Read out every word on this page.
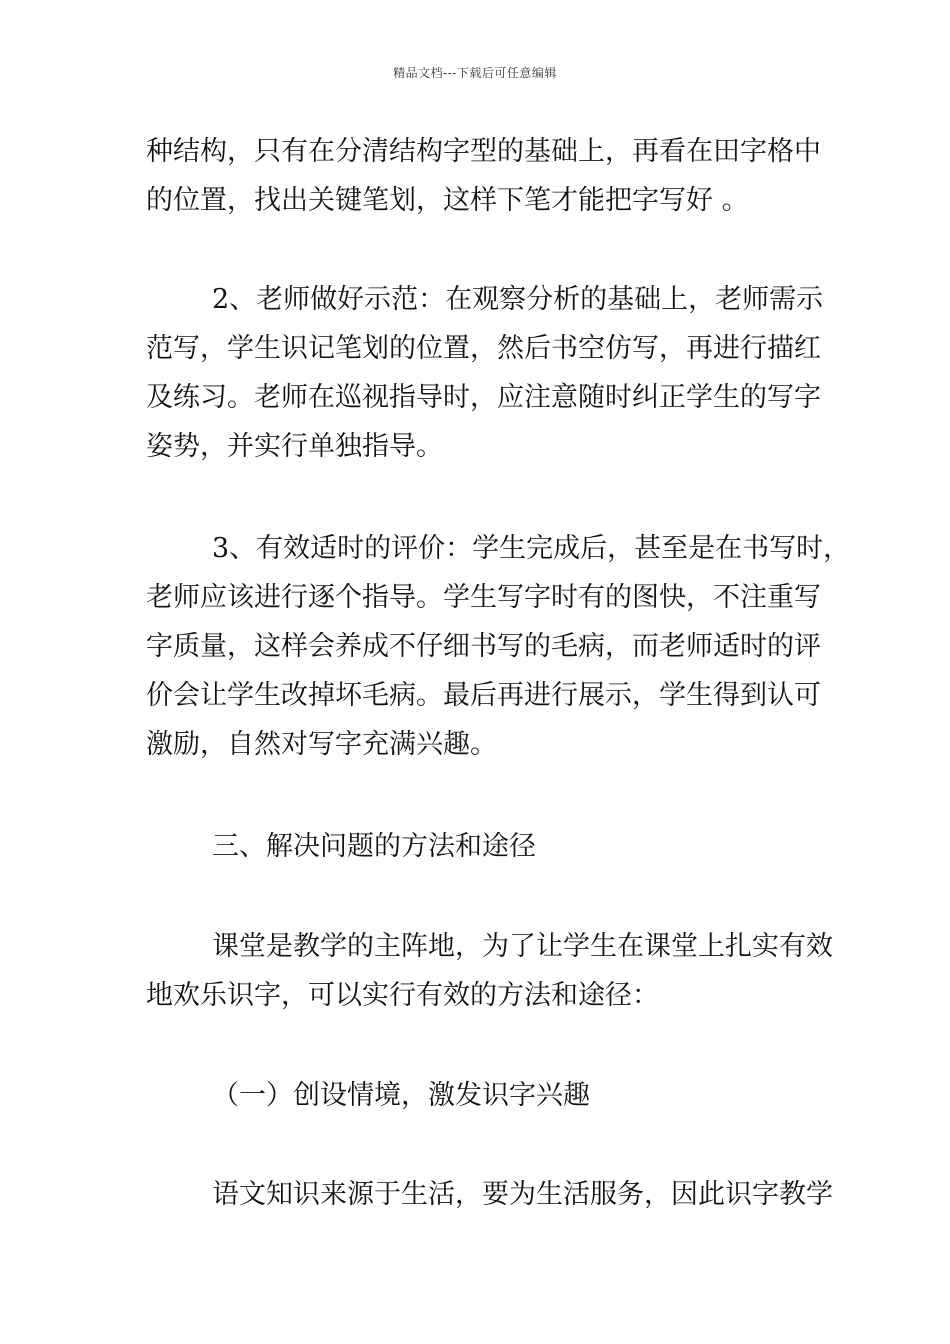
精品文档---下载后可任意编辑
种结构，只有在分清结构字型的基础上，再看在田字格中
的位置，找出关键笔划，这样下笔才能把字写好 。
2、老师做好示范：在观察分析的基础上，老师需示
范写，学生识记笔划的位置，然后书空仿写，再进行描红
及练习。老师在巡视指导时，应注意随时纠正学生的写字
姿势，并实行单独指导。
3、有效适时的评价：学生完成后，甚至是在书写时，
老师应该进行逐个指导。学生写字时有的图快，不注重写
字质量，这样会养成不仔细书写的毛病，而老师适时的评
价会让学生改掉坏毛病。最后再进行展示，学生得到认可
激励，自然对写字充满兴趣。
三、解决问题的方法和途径
课堂是教学的主阵地，为了让学生在课堂上扎实有效
地欢乐识字，可以实行有效的方法和途径：
（一）创设情境，激发识字兴趣
语文知识来源于生活，要为生活服务，因此识字教学
